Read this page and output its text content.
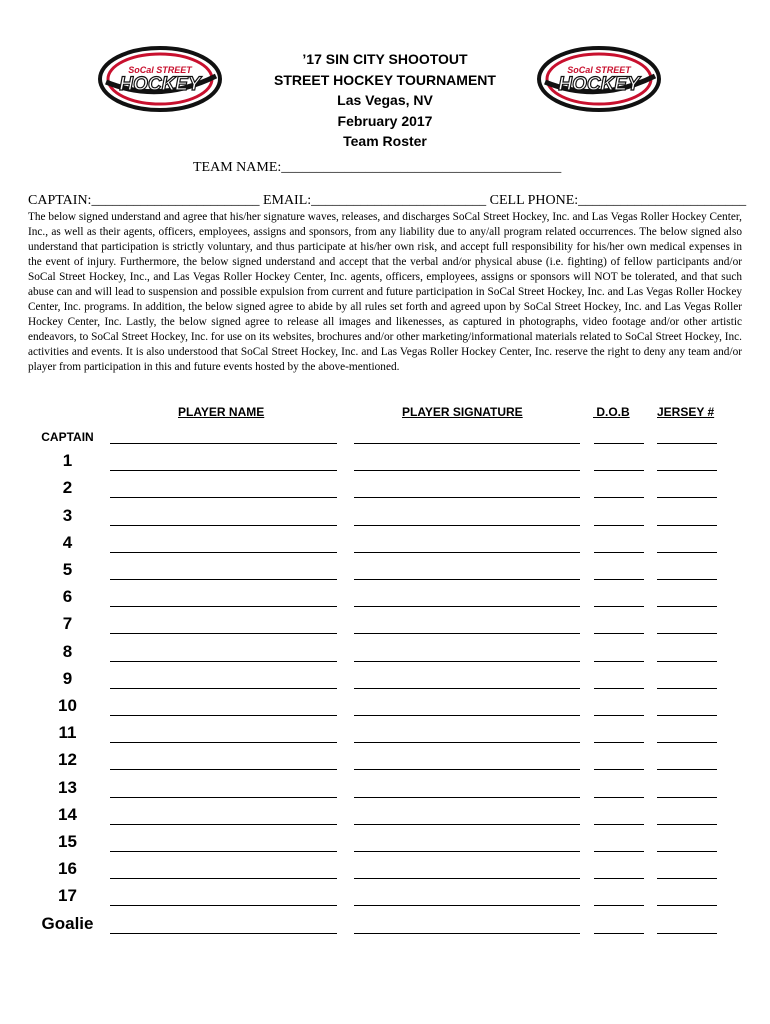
SoCal STREET
HOCKEY
SoCal STREET
HOCKEY
’17 SIN CITY SHOOTOUT
STREET HOCKEY TOURNAMENT
Las Vegas, NV
February 2017
Team Roster
TEAM NAME:________________________________________
CAPTAIN:________________________ EMAIL:_________________________ CELL PHONE:________________________

The below signed understand and agree that his/her signature waves, releases, and discharges SoCal Street Hockey, Inc. and Las Vegas Roller Hockey Center, Inc., as well as their agents, officers, employees, assigns and sponsors, from any liability due to any/all program related occurrences. The below signed also understand that participation is strictly voluntary, and thus participate at his/her own risk, and accept full responsibility for his/her own medical expenses in the event of injury. Furthermore, the below signed understand and accept that the verbal and/or physical abuse (i.e. fighting) of fellow participants and/or SoCal Street Hockey, Inc., and Las Vegas Roller Hockey Center, Inc. agents, officers, employees, assigns or sponsors will NOT be tolerated, and that such abuse can and will lead to suspension and possible expulsion from current and future participation in SoCal Street Hockey, Inc. and Las Vegas Roller Hockey Center, Inc. programs. In addition, the below signed agree to abide by all rules set forth and agreed upon by SoCal Street Hockey, Inc. and Las Vegas Roller Hockey Center, Inc. Lastly, the below signed agree to release all images and likenesses, as captured in photographs, video footage and/or other artistic endeavors, to SoCal Street Hockey, Inc. for use on its websites, brochures and/or other marketing/informational materials related to SoCal Street Hockey, Inc. activities and events. It is also understood that SoCal Street Hockey, Inc. and Las Vegas Roller Hockey Center, Inc. reserve the right to deny any team and/or player from participation in this and future events hosted by the above-mentioned.

PLAYER NAME	PLAYER SIGNATURE	D.O.B JERSEY #
CAPTAIN
1
2
3
4
5
6
7
8
9
10
11
12
13
14
15
16
17
Goalie
